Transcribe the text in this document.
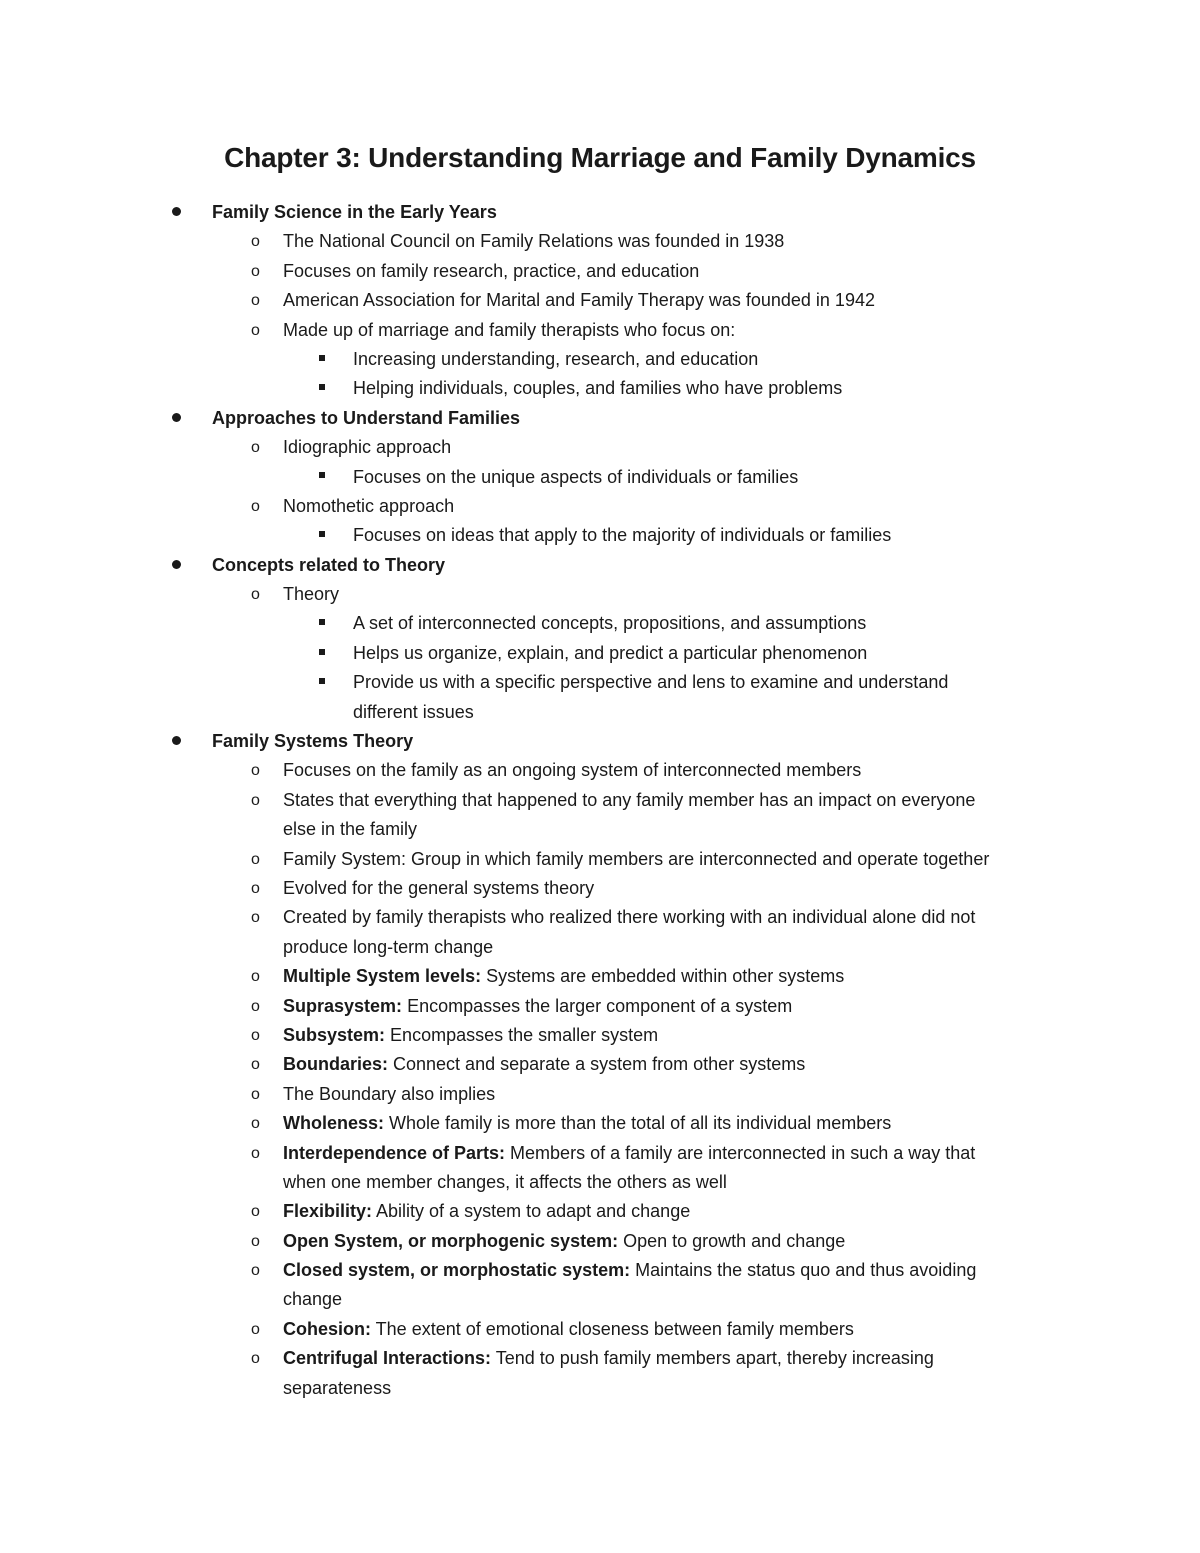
Chapter 3: Understanding Marriage and Family Dynamics
Family Science in the Early Years
o The National Council on Family Relations was founded in 1938
o Focuses on family research, practice, and education
o American Association for Marital and Family Therapy was founded in 1942
o Made up of marriage and family therapists who focus on:
Increasing understanding, research, and education
Helping individuals, couples, and families who have problems
Approaches to Understand Families
o Idiographic approach
Focuses on the unique aspects of individuals or families
o Nomothetic approach
Focuses on ideas that apply to the majority of individuals or families
Concepts related to Theory
o Theory
A set of interconnected concepts, propositions, and assumptions
Helps us organize, explain, and predict a particular phenomenon
Provide us with a specific perspective and lens to examine and understand
different issues
Family Systems Theory
o Focuses on the family as an ongoing system of interconnected members
o States that everything that happened to any family member has an impact on everyone
else in the family
o Family System: Group in which family members are interconnected and operate together
o Evolved for the general systems theory
o Created by family therapists who realized there working with an individual alone did not
produce long-term change
o Multiple System levels: Systems are embedded within other systems
o Suprasystem: Encompasses the larger component of a system
o Subsystem: Encompasses the smaller system
o Boundaries: Connect and separate a system from other systems
o The Boundary also implies
o Wholeness: Whole family is more than the total of all its individual members
o Interdependence of Parts: Members of a family are interconnected in such a way that
when one member changes, it affects the others as well
o Flexibility: Ability of a system to adapt and change
o Open System, or morphogenic system: Open to growth and change
o Closed system, or morphostatic system: Maintains the status quo and thus avoiding
change
o Cohesion: The extent of emotional closeness between family members
o Centrifugal Interactions: Tend to push family members apart, thereby increasing
separateness
